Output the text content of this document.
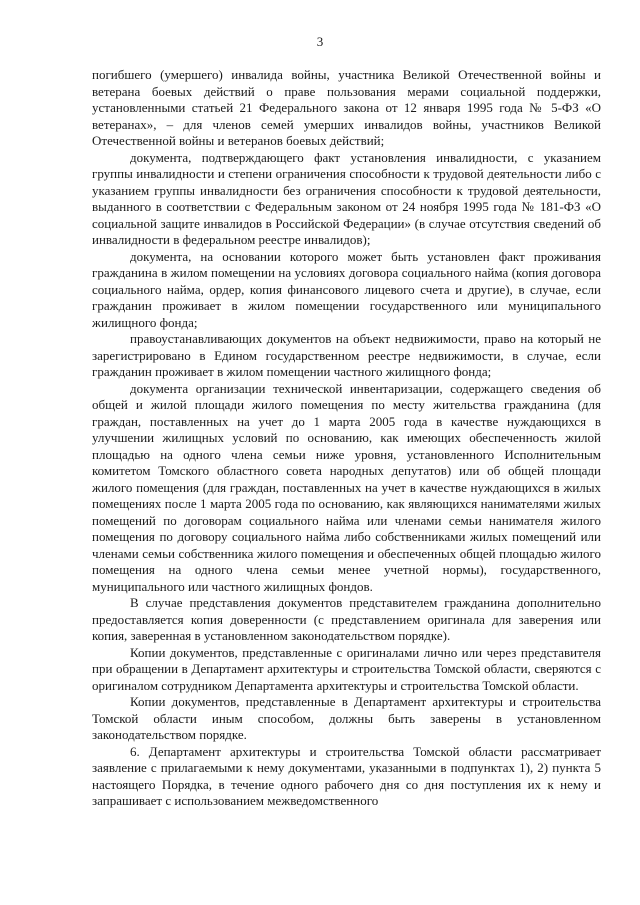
3

погибшего (умершего) инвалида войны, участника Великой Отечественной войны и ветерана боевых действий о праве пользования мерами социальной поддержки, установленными статьей 21 Федерального закона от 12 января 1995 года № 5-ФЗ «О ветеранах», – для членов семей умерших инвалидов войны, участников Великой Отечественной войны и ветеранов боевых действий;

документа, подтверждающего факт установления инвалидности, с указанием группы инвалидности и степени ограничения способности к трудовой деятельности либо с указанием группы инвалидности без ограничения способности к трудовой деятельности, выданного в соответствии с Федеральным законом от 24 ноября 1995 года № 181-ФЗ «О социальной защите инвалидов в Российской Федерации» (в случае отсутствия сведений об инвалидности в федеральном реестре инвалидов);

документа, на основании которого может быть установлен факт проживания гражданина в жилом помещении на условиях договора социального найма (копия договора социального найма, ордер, копия финансового лицевого счета и другие), в случае, если гражданин проживает в жилом помещении государственного или муниципального жилищного фонда;

правоустанавливающих документов на объект недвижимости, право на который не зарегистрировано в Едином государственном реестре недвижимости, в случае, если гражданин проживает в жилом помещении частного жилищного фонда;

документа организации технической инвентаризации, содержащего сведения об общей и жилой площади жилого помещения по месту жительства гражданина (для граждан, поставленных на учет до 1 марта 2005 года в качестве нуждающихся в улучшении жилищных условий по основанию, как имеющих обеспеченность жилой площадью на одного члена семьи ниже уровня, установленного Исполнительным комитетом Томского областного совета народных депутатов) или об общей площади жилого помещения (для граждан, поставленных на учет в качестве нуждающихся в жилых помещениях после 1 марта 2005 года по основанию, как являющихся нанимателями жилых помещений по договорам социального найма или членами семьи нанимателя жилого помещения по договору социального найма либо собственниками жилых помещений или членами семьи собственника жилого помещения и обеспеченных общей площадью жилого помещения на одного члена семьи менее учетной нормы), государственного, муниципального или частного жилищных фондов.

В случае представления документов представителем гражданина дополнительно предоставляется копия доверенности (с представлением оригинала для заверения или копия, заверенная в установленном законодательством порядке).

Копии документов, представленные с оригиналами лично или через представителя при обращении в Департамент архитектуры и строительства Томской области, сверяются с оригиналом сотрудником Департамента архитектуры и строительства Томской области.

Копии документов, представленные в Департамент архитектуры и строительства Томской области иным способом, должны быть заверены в установленном законодательством порядке.

6. Департамент архитектуры и строительства Томской области рассматривает заявление с прилагаемыми к нему документами, указанными в подпунктах 1), 2) пункта 5 настоящего Порядка, в течение одного рабочего дня со дня поступления их к нему и запрашивает с использованием межведомственного
